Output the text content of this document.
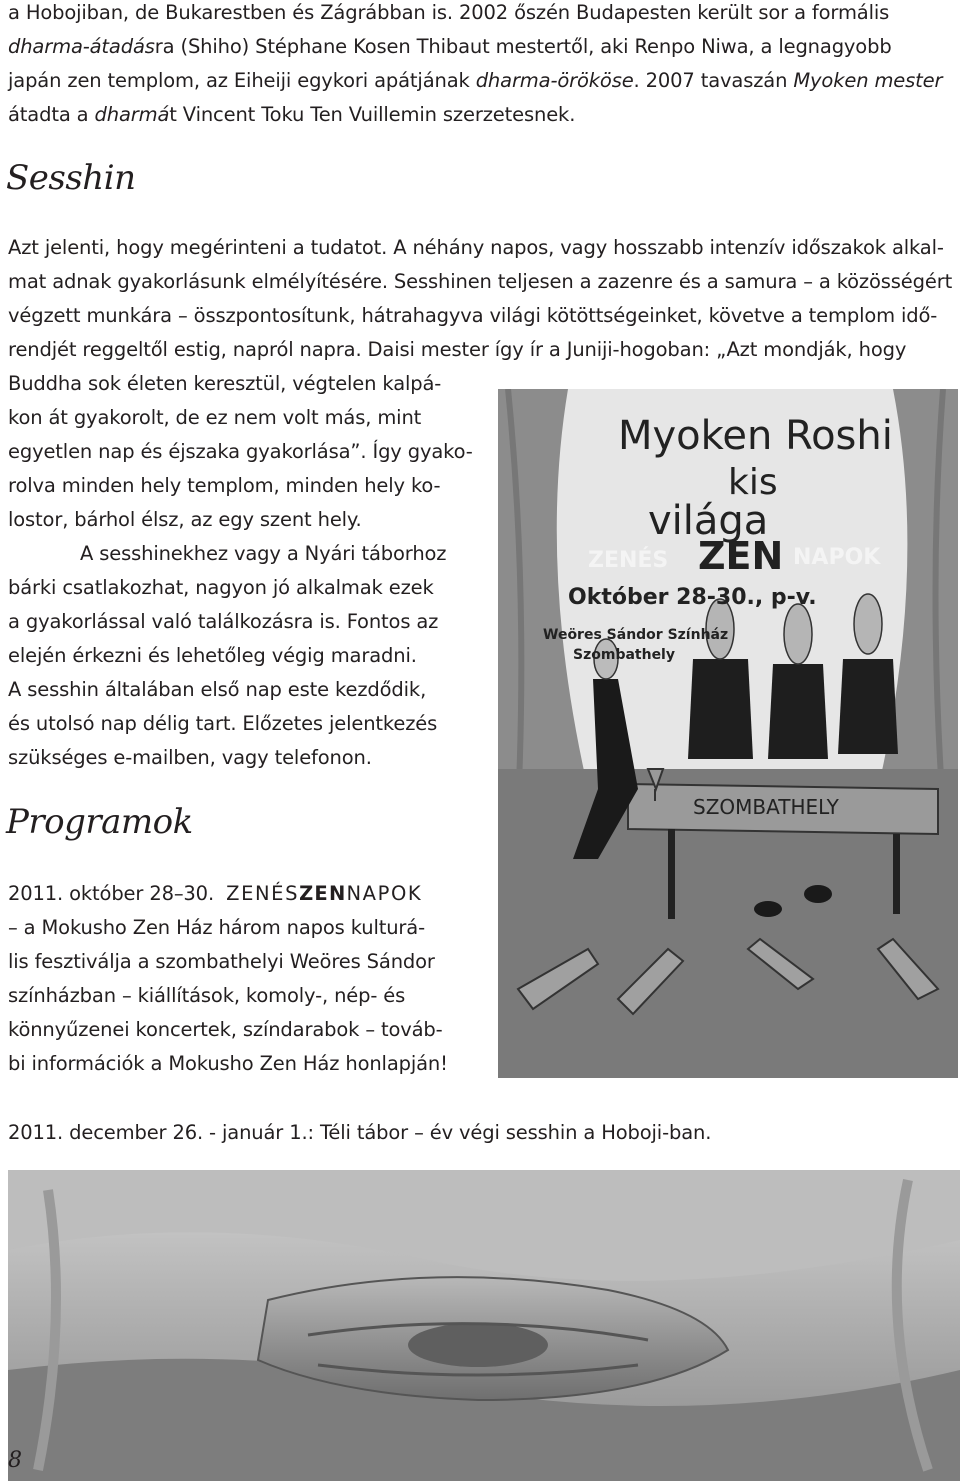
a Hobojiban, de Bukarestben és Zágrábban is. 2002 őszén Budapesten került sor a formális
dharma-átadásra (Shiho) Stéphane Kosen Thibaut mestertől, aki Renpo Niwa, a legnagyobb
japán zen templom, az Eiheiji egykori apátjának dharma-örököse. 2007 tavaszán Myoken mester
átadta a dharmát Vincent Toku Ten Vuillemin szerzetesnek.
Sesshin
Azt jelenti, hogy megérinteni a tudatot. A néhány napos, vagy hosszabb intenzív időszakok alkal-
mat adnak gyakorlásunk elmélyítésére. Sesshinen teljesen a zazenre és a samura – a közösségért
végzett munkára – összpontosítunk, hátrahagyva világi kötöttségeinket, követve a templom idő-
rendjét reggeltől estig, napról napra. Daisi mester így ír a Juniji-hogoban: „Azt mondják, hogy
Buddha sok életen keresztül, végtelen kalpá-
kon át gyakorolt, de ez nem volt más, mint
egyetlen nap és éjszaka gyakorlása”. Így gyako-
rolva minden hely templom, minden hely ko-
lostor, bárhol élsz, az egy szent hely.
A sesshinekhez vagy a Nyári táborhoz
bárki csatlakozhat, nagyon jó alkalmak ezek
a gyakorlással való találkozásra is. Fontos az
elején érkezni és lehetőleg végig maradni.
A sesshin általában első nap este kezdődik,
és utolsó nap délig tart. Előzetes jelentkezés
szükséges e-mailben, vagy telefonon.
Programok
2011. október 28–30. ZENÉSZENNAPOK
– a Mokusho Zen Ház három napos kulturá-
lis fesztiválja a szombathelyi Weöres Sándor
színházban – kiállítások, komoly-, nép- és
könnyűzenei koncertek, színdarabok – továb-
bi információk a Mokusho Zen Ház honlapján!
2011. december 26. - január 1.: Téli tábor – év végi sesshin a Hoboji-ban.
Myoken Roshi
kis
világa
ZENÉS ZEN NAPOK
Október 28-30., p-v.
Weöres Sándor Színház
Szombathely
SZOMBATHELY
8
